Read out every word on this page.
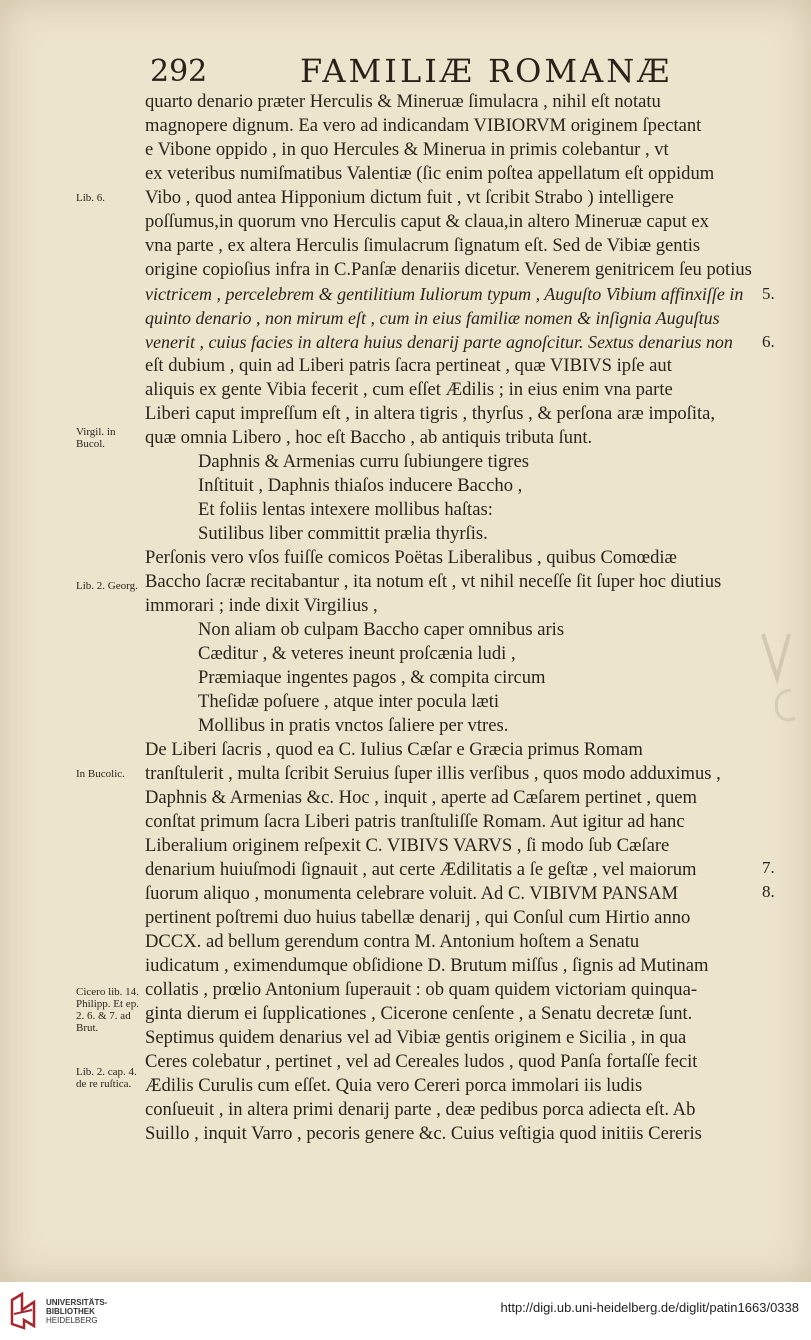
292	FAMILIÆ ROMANÆ
quarto denario præter Herculis & Mineruæ ſimulacra , nihil eſt notatu
magnopere dignum. Ea vero ad indicandam VIBIORVM originem ſpectant
e Vibone oppido , in quo Hercules & Minerua in primis colebantur , vt
ex veteribus numiſmatibus Valentiæ (ſic enim poſtea appellatum eſt oppidum
Vibo , quod antea Hipponium dictum fuit , vt ſcribit Strabo ) intelligere
poſſumus,in quorum vno Herculis caput & claua,in altero Mineruæ caput ex
vna parte , ex altera Herculis ſimulacrum ſignatum eſt. Sed de Vibiæ gentis
origine copioſius infra in C.Panſæ denariis dicetur. Venerem genitricem ſeu potius
victricem , percelebrem & gentilitium Iuliorum typum , Auguſto Vibium affinxiſſe in
quinto denario , non mirum eſt , cum in eius familiæ nomen & inſignia Auguſtus
venerit , cuius facies in altera huius denarij parte agnoſcitur. Sextus denarius non
eſt dubium , quin ad Liberi patris ſacra pertineat , quæ VIBIVS ipſe aut
aliquis ex gente Vibia fecerit , cum eſſet Ædilis ; in eius enim vna parte
Liberi caput impreſſum eſt , in altera tigris , thyrſus , & perſona aræ impoſita,
quæ omnia Libero , hoc eſt Baccho , ab antiquis tributa ſunt.
Daphnis & Armenias curru ſubiungere tigres
Inſtituit , Daphnis thiaſos inducere Baccho ,
Et foliis lentas intexere mollibus haſtas:
Sutilibus liber committit prælia thyrſis.
Perſonis vero vſos fuiſſe comicos Poëtas Liberalibus , quibus Comœdiæ
Baccho ſacræ recitabantur , ita notum eſt , vt nihil neceſſe ſit ſuper hoc diutius
immorari ; inde dixit Virgilius ,
Non aliam ob culpam Baccho caper omnibus aris
Cæditur , & veteres ineunt proſcænia ludi ,
Præmiaque ingentes pagos , & compita circum
Theſidæ poſuere , atque inter pocula læti
Mollibus in pratis vnctos ſaliere per vtres.
De Liberi ſacris , quod ea C. Iulius Cæſar e Græcia primus Romam
tranſtulerit , multa ſcribit Seruius ſuper illis verſibus , quos modo adduximus ,
Daphnis & Armenias &c. Hoc , inquit , aperte ad Cæſarem pertinet , quem
conſtat primum ſacra Liberi patris tranſtuliſſe Romam. Aut igitur ad hanc
Liberalium originem reſpexit C. VIBIVS VARVS , ſi modo ſub Cæſare
denarium huiuſmodi ſignauit , aut certe Ædilitatis a ſe geſtæ , vel maiorum
ſuorum aliquo , monumenta celebrare voluit. Ad C. VIBIVM PANSAM
pertinent poſtremi duo huius tabellæ denarij , qui Conſul cum Hirtio anno
DCCX. ad bellum gerendum contra M. Antonium hoſtem a Senatu
iudicatum , eximendumque obſidione D. Brutum miſſus , ſignis ad Mutinam
collatis , prœlio Antonium ſuperauit : ob quam quidem victoriam quinqua-
ginta dierum ei ſupplicationes , Cicerone cenſente , a Senatu decretæ ſunt.
Septimus quidem denarius vel ad Vibiæ gentis originem e Sicilia , in qua
Ceres colebatur , pertinet , vel ad Cereales ludos , quod Panſa fortaſſe fecit
Ædilis Curulis cum eſſet. Quia vero Cereri porca immolari iis ludis
conſueuit , in altera primi denarij parte , deæ pedibus porca adiecta eſt. Ab
Suillo , inquit Varro , pecoris genere &c. Cuius veſtigia quod initiis Cereris
Lib. 6.
Virgil. in Bucol.
Lib. 2. Georg.
In Bucolic.
Cicero lib. 14. Philipp. Et ep. 2. 6. & 7. ad Brut.
Lib. 2. cap. 4. de re ruſtica.
5.
6.
7.
8.
UNIVERSITÄTS-
BIBLIOTHEK
HEIDELBERG
http://digi.ub.uni-heidelberg.de/diglit/patin1663/0338
